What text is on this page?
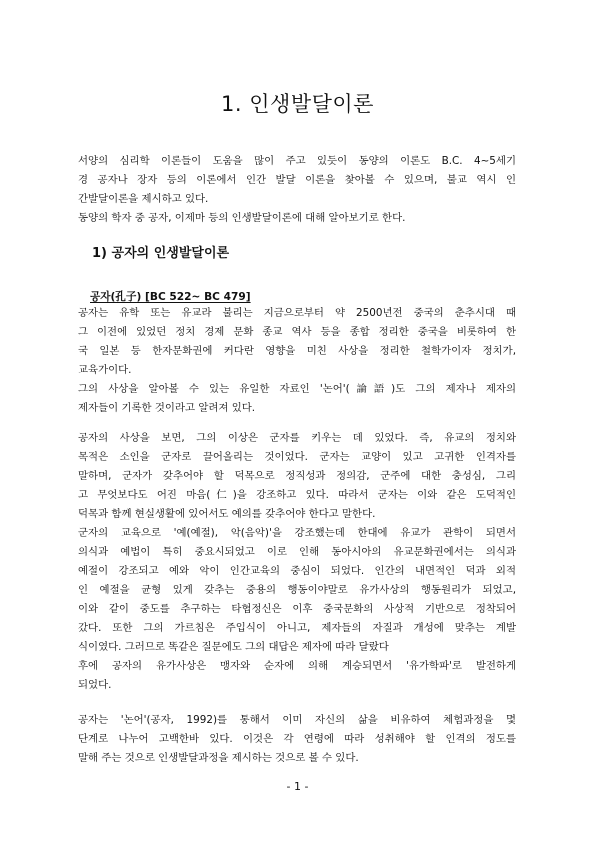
1. 인생발달이론
서양의 심리학 이론들이 도움을 많이 주고 있듯이 동양의 이론도 B.C. 4~5세기
경 공자나 장자 등의 이론에서 인간 발달 이론을 찾아볼 수 있으며, 불교 역시 인
간발달이론을 제시하고 있다.
동양의 학자 중 공자, 이제마 등의 인생발달이론에 대해 알아보기로 한다.
1) 공자의 인생발달이론
공자(孔子) [BC 522~ BC 479]
공자는 유학 또는 유교라 불리는 지금으로부터 약 2500년전 중국의 춘추시대 때
그 이전에 있었던 정치 경제 문화 종교 역사 등을 종합 정리한 중국을 비롯하여 한
국 일본 등 한자문화권에 커다란 영향을 미친 사상을 정리한 철학가이자 정치가,
교육가이다.
그의 사상을 알아볼 수 있는 유일한 자료인 '논어'(論語)도 그의 제자나 제자의
제자들이 기록한 것이라고 알려져 있다.
공자의 사상을 보면, 그의 이상은 군자를 키우는 데 있었다. 즉, 유교의 정치와
목적은 소인을 군자로 끌어올리는 것이었다. 군자는 교양이 있고 고귀한 인격자를
말하며, 군자가 갖추어야 할 덕목으로 정직성과 정의감, 군주에 대한 충성심, 그리
고 무엇보다도 어진 마음(仁)을 강조하고 있다. 따라서 군자는 이와 같은 도덕적인
덕목과 함께 현실생활에 있어서도 예의를 갖추어야 한다고 말한다.
군자의 교육으로 '예(예절), 악(음악)'을 강조했는데 한대에 유교가 관학이 되면서
의식과 예법이 특히 중요시되었고 이로 인해 동아시아의 유교문화권에서는 의식과
예절이 강조되고 예와 악이 인간교육의 중심이 되었다. 인간의 내면적인 덕과 외적
인 예절을 균형 있게 갖추는 중용의 행동이야말로 유가사상의 행동원리가 되었고,
이와 같이 중도를 추구하는 타협정신은 이후 중국문화의 사상적 기반으로 정착되어
갔다. 또한 그의 가르침은 주입식이 아니고, 제자들의 자질과 개성에 맞추는 계발
식이였다. 그러므로 똑같은 질문에도 그의 대답은 제자에 따라 달랐다
후에 공자의 유가사상은 맹자와 순자에 의해 계승되면서 '유가학파'로 발전하게
되었다.
공자는 '논어'(공자, 1992)를 통해서 이미 자신의 삶을 비유하여 체험과정을 몇
단계로 나누어 고백한바 있다. 이것은 각 연령에 따라 성취해야 할 인격의 정도를
말해 주는 것으로 인생발달과정을 제시하는 것으로 볼 수 있다.
- 1 -
